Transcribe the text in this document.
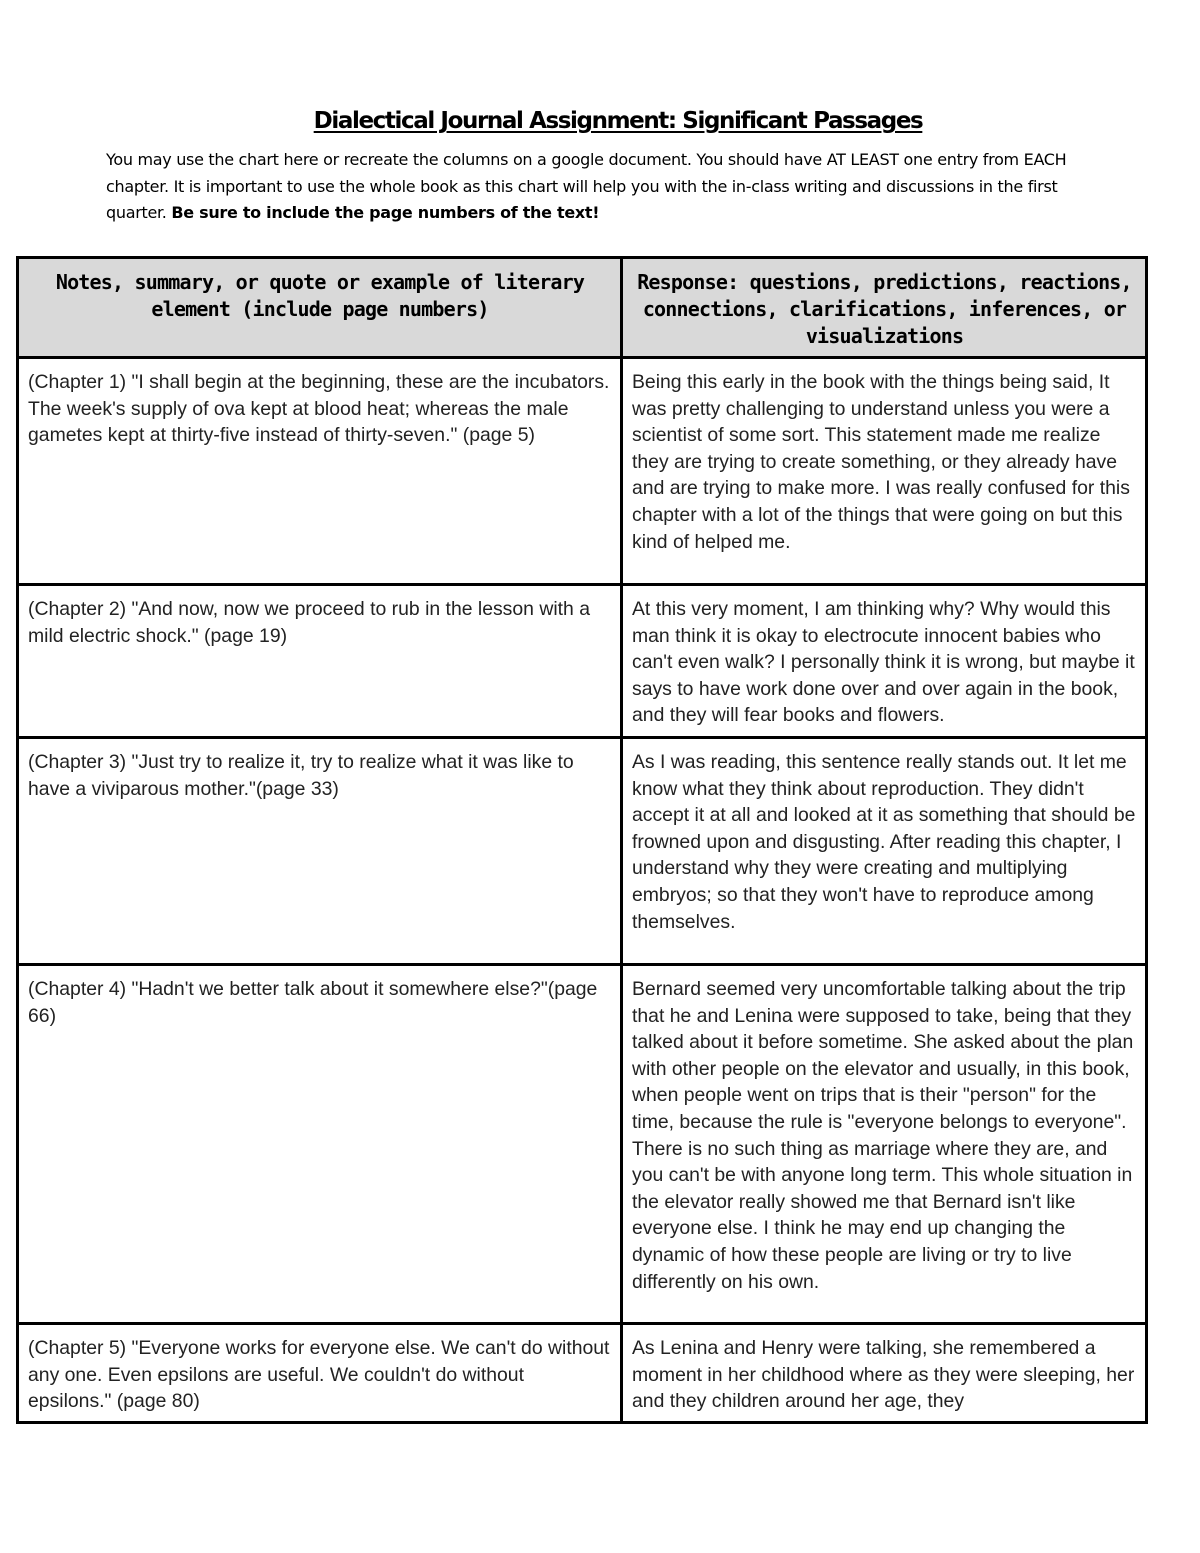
Dialectical Journal Assignment: Significant Passages
You may use the chart here or recreate the columns on a google document. You should have AT LEAST one entry from EACH chapter. It is important to use the whole book as this chart will help you with the in-class writing and discussions in the first quarter. Be sure to include the page numbers of the text!
Notes, summary, or quote or example of literary element (include page numbers)	Response: questions, predictions, reactions, connections, clarifications, inferences, or visualizations
(Chapter 1) "I shall begin at the beginning, these are the incubators. The week's supply of ova kept at blood heat; whereas the male gametes kept at thirty-five instead of thirty-seven." (page 5)	Being this early in the book with the things being said, It was pretty challenging to understand unless you were a scientist of some sort. This statement made me realize they are trying to create something, or they already have and are trying to make more. I was really confused for this chapter with a lot of the things that were going on but this kind of helped me.
(Chapter 2) "And now, now we proceed to rub in the lesson with a mild electric shock." (page 19)	At this very moment, I am thinking why? Why would this man think it is okay to electrocute innocent babies who can't even walk? I personally think it is wrong, but maybe it says to have work done over and over again in the book, and they will fear books and flowers.
(Chapter 3) "Just try to realize it, try to realize what it was like to have a viviparous mother."(page 33)	As I was reading, this sentence really stands out. It let me know what they think about reproduction. They didn't accept it at all and looked at it as something that should be frowned upon and disgusting. After reading this chapter, I understand why they were creating and multiplying embryos; so that they won't have to reproduce among themselves.
(Chapter 4) "Hadn't we better talk about it somewhere else?"(page 66)	Bernard seemed very uncomfortable talking about the trip that he and Lenina were supposed to take, being that they talked about it before sometime. She asked about the plan with other people on the elevator and usually, in this book, when people went on trips that is their "person" for the time, because the rule is "everyone belongs to everyone". There is no such thing as marriage where they are, and you can't be with anyone long term. This whole situation in the elevator really showed me that Bernard isn't like everyone else. I think he may end up changing the dynamic of how these people are living or try to live differently on his own.
(Chapter 5) "Everyone works for everyone else. We can't do without any one. Even epsilons are useful. We couldn't do without epsilons." (page 80)	As Lenina and Henry were talking, she remembered a moment in her childhood where as they were sleeping, her and they children around her age, they
